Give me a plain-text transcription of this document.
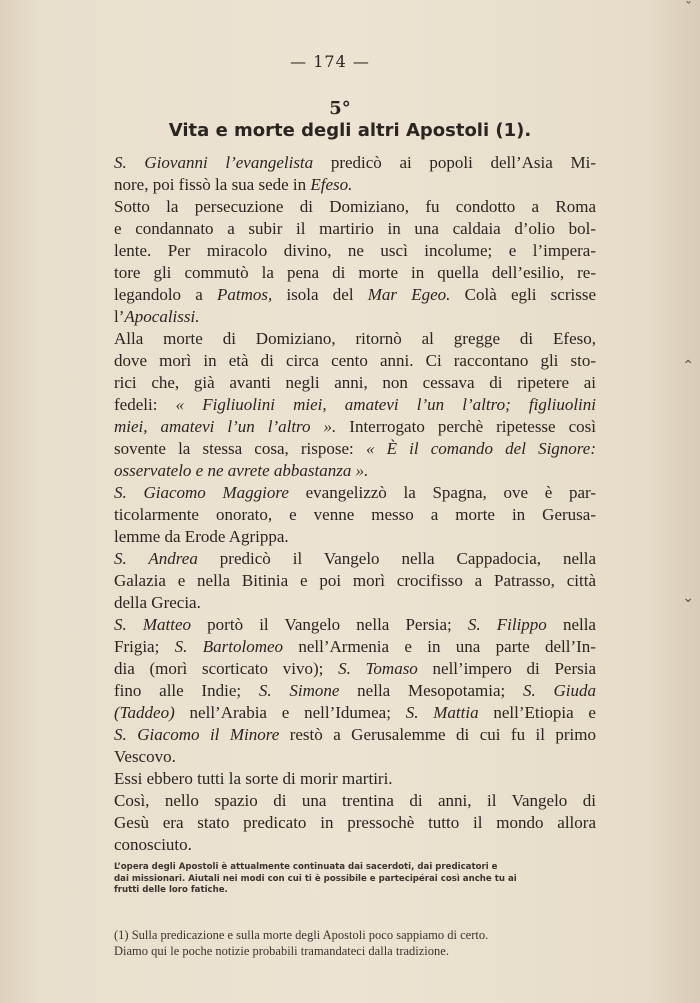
ˇ
⌃
⌄
— 174 —
5°
Vita e morte degli altri Apostoli (1).
S. Giovanni l’evangelista predicò ai popoli dell’Asia Mi-
nore, poi fissò la sua sede in Efeso.
Sotto la persecuzione di Domiziano, fu condotto a Roma
e condannato a subir il martirio in una caldaia d’olio bol-
lente. Per miracolo divino, ne uscì incolume; e l’impera-
tore gli commutò la pena di morte in quella dell’esilio, re-
legandolo a Patmos, isola del Mar Egeo. Colà egli scrisse
l’Apocalissi.
Alla morte di Domiziano, ritornò al gregge di Efeso,
dove morì in età di circa cento anni. Ci raccontano gli sto-
rici che, già avanti negli anni, non cessava di ripetere ai
fedeli: « Figliuolini miei, amatevi l’un l’altro; figliuolini
miei, amatevi l’un l’altro ». Interrogato perchè ripetesse così
sovente la stessa cosa, rispose: « È il comando del Signore:
osservatelo e ne avrete abbastanza ».
S. Giacomo Maggiore evangelizzò la Spagna, ove è par-
ticolarmente onorato, e venne messo a morte in Gerusa-
lemme da Erode Agrippa.
S. Andrea predicò il Vangelo nella Cappadocia, nella
Galazia e nella Bitinia e poi morì crocifisso a Patrasso, città
della Grecia.
S. Matteo portò il Vangelo nella Persia; S. Filippo nella
Frigia; S. Bartolomeo nell’Armenia e in una parte dell’In-
dia (morì scorticato vivo); S. Tomaso nell’impero di Persia
fino alle Indie; S. Simone nella Mesopotamia; S. Giuda
(Taddeo) nell’Arabia e nell’Idumea; S. Mattia nell’Etiopia e
S. Giacomo il Minore restò a Gerusalemme di cui fu il primo
Vescovo.
Essi ebbero tutti la sorte di morir martiri.
Così, nello spazio di una trentina di anni, il Vangelo di
Gesù era stato predicato in pressochè tutto il mondo allora
conosciuto.
L’opera degli Apostoli è attualmente continuata dai sacerdoti, dai predicatori e
dai missionari. Aiutali nei modi con cui ti è possibile e partecipérai così anche tu ai
frutti delle loro fatiche.
(1) Sulla predicazione e sulla morte degli Apostoli poco sappiamo di certo.
Diamo qui le poche notizie probabili tramandateci dalla tradizione.
